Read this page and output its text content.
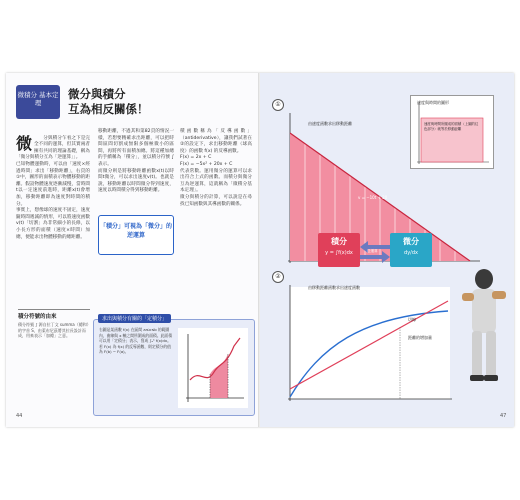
微積分 基本定理
微分與積分
互為相反關係！

微 分與積分乍看之下是完全不同的運算，但其實兩者擁有共同的理論基礎，稱為「微分與積分互為「逆運算」」。
已知物體運動時，可以由「速度×經過時間」求出「移動距離」，右頁的①中，圖形的面積表示物體移動的距離。假設物體速度逐漸減慢，當時間t以一定速度前進時，距離x(t)會增加，移動距離即為速度對時間的積分。
事實上，想像球的速度不固定，速度隨時間遞減的情形，可以將速度函數v(t)「切割」為非常細小的長條，以小長方形的面積（速度×時間）加總，便能求出物體移動的總距離。

移動距離，不過其和第82頁的情況一樣，若想要精確求出距離，可以把時間區間切割成無限多個極微小的區間，再將所有面積加總。將這種加總的手續稱為「積分」，並以積分符號 ∫ 表示。
而微分則是將移動距離函數x(t)以時間t微分，可以求出速度v(t)。也就是說，移動距離以時間微分得到速度，速度以時間積分得到移動距離。
「積分」可視為「微分」的逆運算
積函數稱為「反導函數」（antiderivative），讓我們試著在②的設定下，求出移動距離（球高度）的函數 f(x) 的反導函數。
F(x) = 2x + C
F(x) = −5x² + 20x + C
代表常數。運用微分的運算可以求出符合上式的函數。而積分與微分互為逆運算，這就稱為「微積分基本定理」。
微分與積分的計算，可以說是在尋找已知函數與其導函數的關係。
積分符號的由來
積分符號 ∫ 源自拉丁文 summa（總和）的字首 S，由萊布尼茲將其拉長設計而成，用來表示「加總」之意。
求出與積分有關的「定積分」
右圖是某函數 f(x) 在區間 a≤x≤b 的範圍內，曲線與 x 軸之間所圍成的面積。此面積可以用「定積分」表示，寫成 ∫ₐᵇ f(x)dx。
若 F(x) 為 f(x) 的反導函數，則定積分的值為 F(b) − F(a)。
44
①
由速度函數求出移動距離
v = −10t + 20
速度與時間的圖形
速度與時間所圍成的面積（上圖的紅色部分）就等於移動距離
積分
y = ∫f(x)dx
微分
dy/dx
逆運算
②
由移動距離函數求出速度函數
切線
距離的增加量
47
